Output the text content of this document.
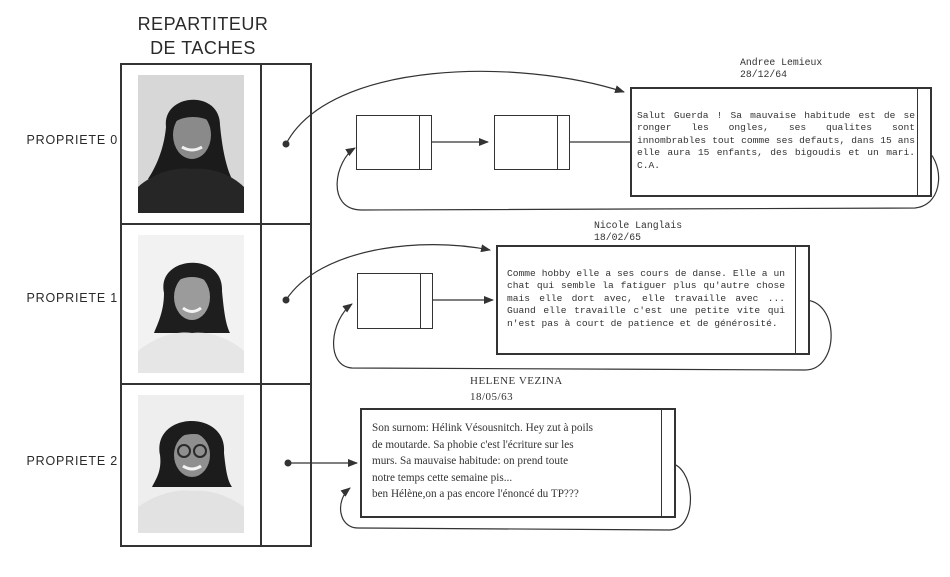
REPARTITEUR
DE TACHES
PROPRIETE 0
PROPRIETE 1
PROPRIETE 2
Andree Lemieux
28/12/64
Salut Guerda ! Sa mauvaise habitude est de se ronger les ongles, ses qualites sont innombrables tout comme ses defauts, dans 15 ans elle aura 15 enfants, des bigoudis et un mari. C.A.
Nicole Langlais
18/02/65
Comme hobby elle a ses cours de danse. Elle a un chat qui semble la fatiguer plus qu'autre chose mais elle dort avec, elle travaille avec ... Guand elle travaille c'est une petite vite qui n'est pas à court de patience et de générosité.
HELENE VEZINA
18/05/63
Son surnom: Hélink Vésousnitch. Hey zut à poils
de moutarde. Sa phobie c'est l'écriture sur les
murs. Sa mauvaise habitude: on prend toute
notre temps cette semaine pis...
ben Hélène,on a pas encore l'énoncé du TP???
